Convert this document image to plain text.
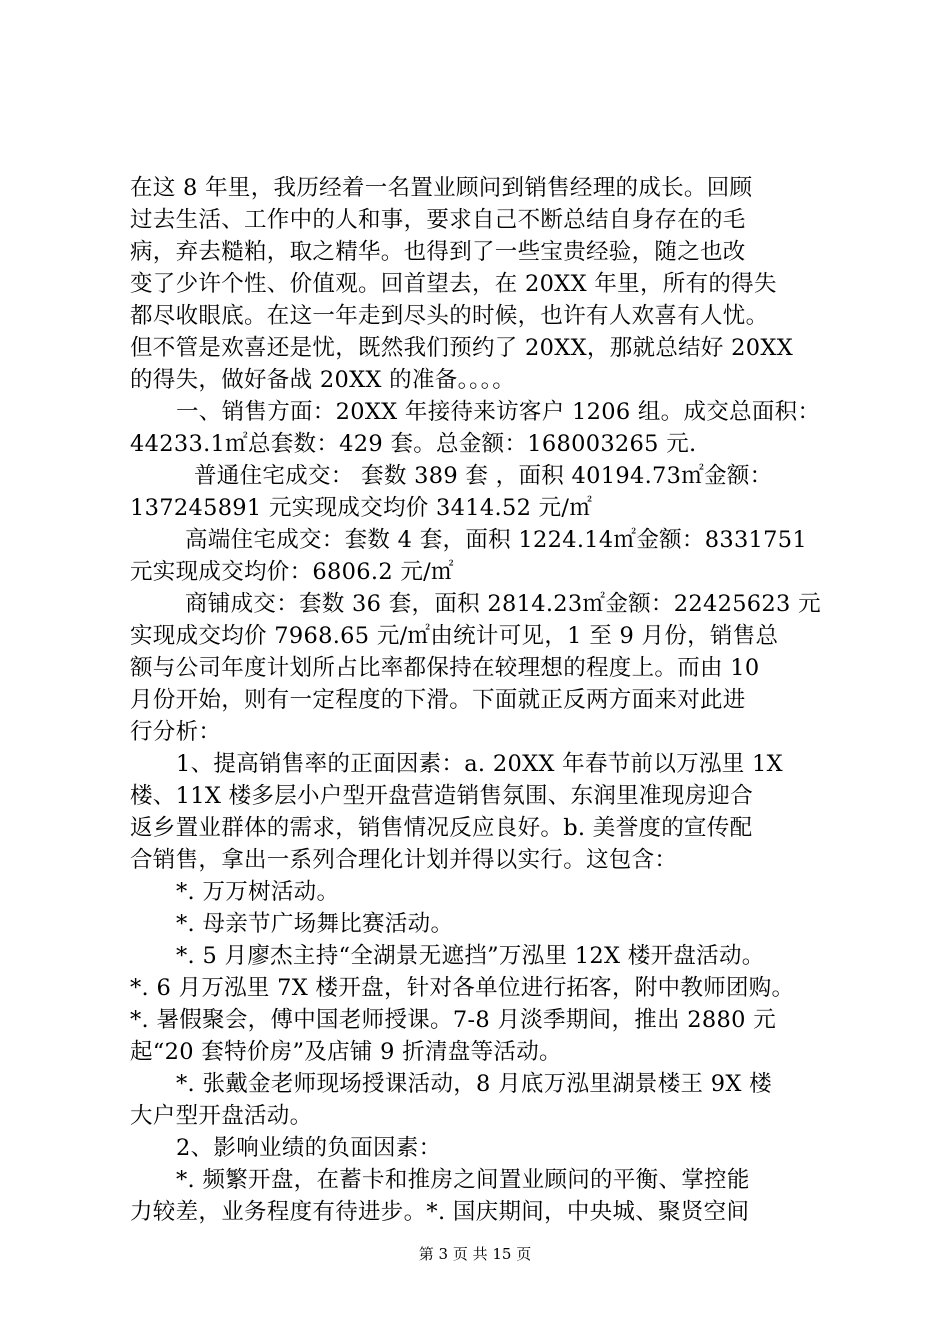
在这 8 年里，我历经着一名置业顾问到销售经理的成长。回顾
过去生活、工作中的人和事，要求自己不断总结自身存在的毛
病，弃去糙粕，取之精华。也得到了一些宝贵经验，随之也改
变了少许个性、价值观。回首望去，在 20XX 年里，所有的得失
都尽收眼底。在这一年走到尽头的时候，也许有人欢喜有人忧。
但不管是欢喜还是忧，既然我们预约了 20XX，那就总结好 20XX
的得失，做好备战 20XX 的准备。。。。
一、销售方面：20XX 年接待来访客户 1206 组。成交总面积：
44233.1㎡总套数：429 套。总金额：168003265 元.
普通住宅成交： 套数 389 套 ，面积 40194.73㎡金额：
137245891 元实现成交均价 3414.52 元/㎡
高端住宅成交：套数 4 套，面积 1224.14㎡金额：8331751
元实现成交均价：6806.2 元/㎡
商铺成交：套数 36 套，面积 2814.23㎡金额：22425623 元
实现成交均价 7968.65 元/㎡由统计可见，1 至 9 月份，销售总
额与公司年度计划所占比率都保持在较理想的程度上。而由 10
月份开始，则有一定程度的下滑。下面就正反两方面来对此进
行分析：
1、提高销售率的正面因素：a. 20XX 年春节前以万泓里 1X
楼、11X 楼多层小户型开盘营造销售氛围、东润里准现房迎合
返乡置业群体的需求，销售情况反应良好。b. 美誉度的宣传配
合销售，拿出一系列合理化计划并得以实行。这包含：
*. 万万树活动。
*. 母亲节广场舞比赛活动。
*. 5 月廖杰主持“全湖景无遮挡”万泓里 12X 楼开盘活动。
*. 6 月万泓里 7X 楼开盘，针对各单位进行拓客，附中教师团购。
*. 暑假聚会，傅中国老师授课。7-8 月淡季期间，推出 2880 元
起“20 套特价房”及店铺 9 折清盘等活动。
*. 张戴金老师现场授课活动，8 月底万泓里湖景楼王 9X 楼
大户型开盘活动。
2、影响业绩的负面因素：
*. 频繁开盘，在蓄卡和推房之间置业顾问的平衡、掌控能
力较差，业务程度有待进步。*. 国庆期间，中央城、聚贤空间
第 3 页 共 15 页
